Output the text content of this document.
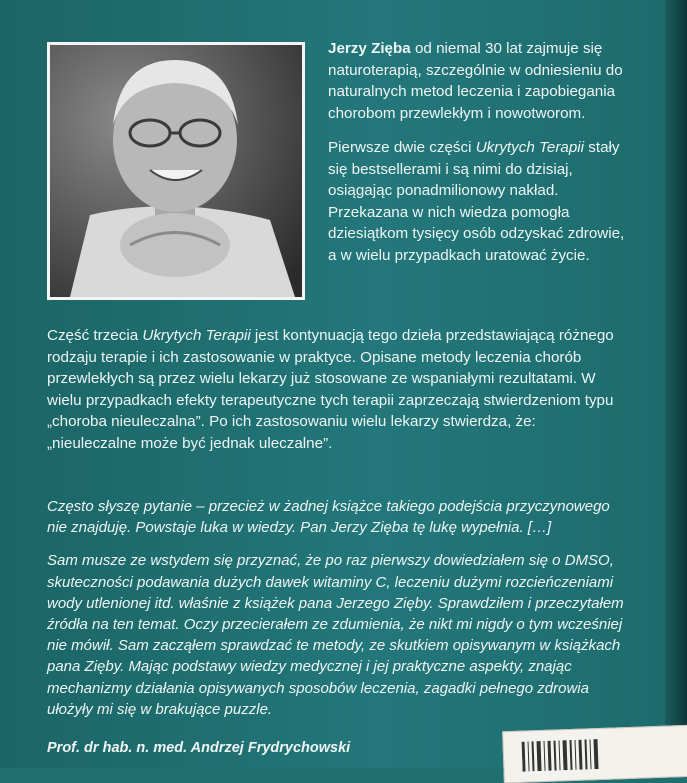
Jerzy Zięba od niemal 30 lat zajmuje się naturoterapią, szczególnie w odniesieniu do naturalnych metod leczenia i zapobiegania chorobom przewlekłym i nowotworom.

Pierwsze dwie części Ukrytych Terapii stały się bestsellerami i są nimi do dzisiaj, osiągając ponadmilionowy nakład. Przekazana w nich wiedza pomogła dziesiątkom tysięcy osób odzyskać zdrowie, a w wielu przypadkach uratować życie.

Część trzecia Ukrytych Terapii jest kontynuacją tego dzieła przedstawiającą różnego rodzaju terapie i ich zastosowanie w praktyce. Opisane metody leczenia chorób przewlekłych są przez wielu lekarzy już stosowane ze wspaniałymi rezultatami. W wielu przypadkach efekty terapeutyczne tych terapii zaprzeczają stwierdzeniom typu „choroba nieuleczalna”. Po ich zastosowaniu wielu lekarzy stwierdza, że: „nieuleczalne może być jednak uleczalne”.

Często słyszę pytanie – przecież w żadnej książce takiego podejścia przyczynowego nie znajduję. Powstaje luka w wiedzy. Pan Jerzy Zięba tę lukę wypełnia. […]

Sam musze ze wstydem się przyznać, że po raz pierwszy dowiedziałem się o DMSO, skuteczności podawania dużych dawek witaminy C, leczeniu dużymi rozcieńczeniami wody utlenionej itd. właśnie z książek pana Jerzego Zięby. Sprawdziłem i przeczytałem źródła na ten temat. Oczy przecierałem ze zdumienia, że nikt mi nigdy o tym wcześniej nie mówił. Sam zacząłem sprawdzać te metody, ze skutkiem opisywanym w książkach pana Zięby. Mając podstawy wiedzy medycznej i jej praktyczne aspekty, znając mechanizmy działania opisywanych sposobów leczenia, zagadki pełnego zdrowia ułożyły mi się w brakujące puzzle.

Prof. dr hab. n. med. Andrzej Frydrychowski
